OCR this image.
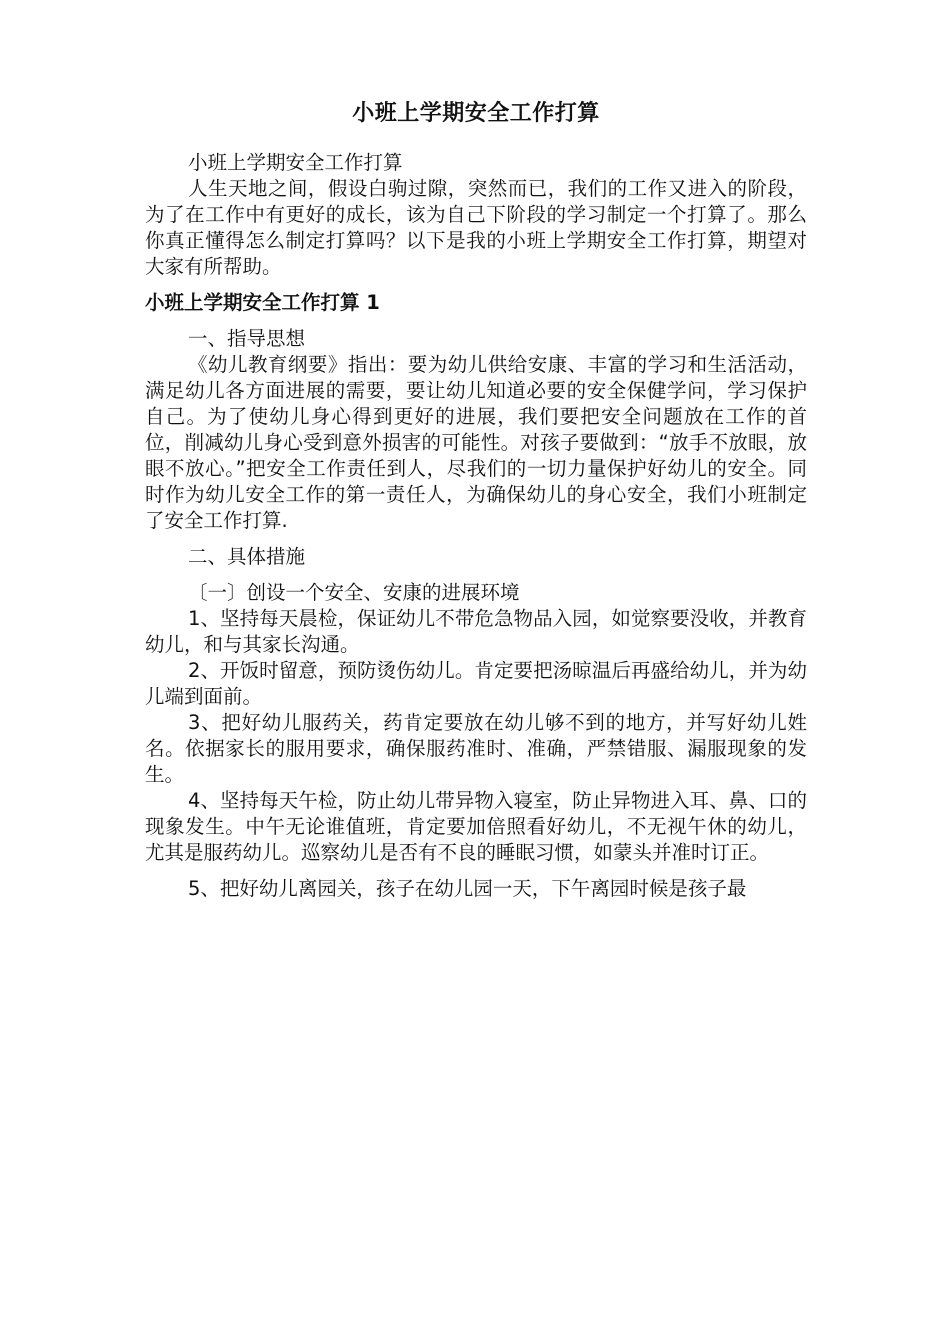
小班上学期安全工作打算

小班上学期安全工作打算

人生天地之间，假设白驹过隙，突然而已，我们的工作又进入的阶段，为了在工作中有更好的成长，该为自己下阶段的学习制定一个打算了。那么你真正懂得怎么制定打算吗？以下是我的小班上学期安全工作打算，期望对大家有所帮助。

小班上学期安全工作打算 1

一、指导思想

《幼儿教育纲要》指出：要为幼儿供给安康、丰富的学习和生活活动，满足幼儿各方面进展的需要，要让幼儿知道必要的安全保健学问，学习保护自己。为了使幼儿身心得到更好的进展，我们要把安全问题放在工作的首位，削减幼儿身心受到意外损害的可能性。对孩子要做到：“放手不放眼，放眼不放心。”把安全工作责任到人，尽我们的一切力量保护好幼儿的安全。同时作为幼儿安全工作的第一责任人，为确保幼儿的身心安全，我们小班制定了安全工作打算.

二、具体措施

〔一〕创设一个安全、安康的进展环境

1、坚持每天晨检，保证幼儿不带危急物品入园，如觉察要没收，并教育幼儿，和与其家长沟通。

2、开饭时留意，预防烫伤幼儿。肯定要把汤晾温后再盛给幼儿，并为幼儿端到面前。

3、把好幼儿服药关，药肯定要放在幼儿够不到的地方，并写好幼儿姓名。依据家长的服用要求，确保服药准时、准确，严禁错服、漏服现象的发生。

4、坚持每天午检，防止幼儿带异物入寝室，防止异物进入耳、鼻、口的现象发生。中午无论谁值班，肯定要加倍照看好幼儿，不无视午休的幼儿，尤其是服药幼儿。巡察幼儿是否有不良的睡眠习惯，如蒙头并准时订正。

5、把好幼儿离园关，孩子在幼儿园一天，下午离园时候是孩子最
